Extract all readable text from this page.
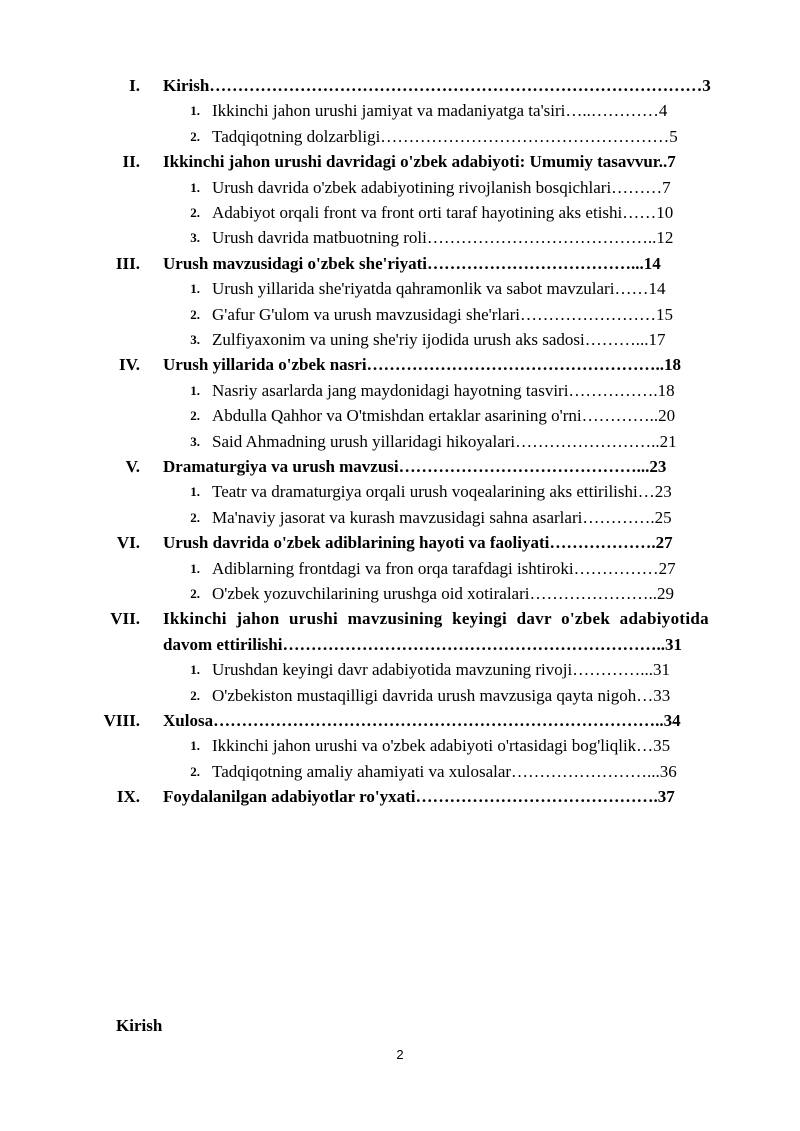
I. Kirish……………………………………………………………………………3
1. Ikkinchi jahon urushi jamiyat va madaniyatga ta'siri…..…………4
2. Tadqiqotning dolzarbligi……………………………………………5
II. Ikkinchi jahon urushi davridagi o'zbek adabiyoti: Umumiy tasavvur..7
1. Urush davrida o'zbek adabiyotining rivojlanish bosqichlari………7
2. Adabiyot orqali front va front orti taraf hayotining aks etishi……10
3. Urush davrida matbuotning roli…………………………………..12
III. Urush mavzusidagi o'zbek she'riyati………………………………...14
1. Urush yillarida she'riyatda qahramonlik va sabot mavzulari……14
2. G'afur G'ulom va urush mavzusidagi she'rlari……………………15
3. Zulfiyaxonim va uning she'riy ijodida urush aks sadosi………...17
IV. Urush yillarida o'zbek nasri……………………………………………..18
1. Nasriy asarlarda jang maydonidagi hayotning tasviri…………….18
2. Abdulla Qahhor va O'tmishdan ertaklar asarining o'rni…………..20
3. Said Ahmadning urush yillaridagi hikoyalari……………………..21
V. Dramaturgiya va urush mavzusi……………………………………...23
1. Teatr va dramaturgiya orqali urush voqealarining aks ettirilishi…23
2. Ma'naviy jasorat va kurash mavzusidagi sahna asarlari………….25
VI. Urush davrida o'zbek adiblarining hayoti va faoliyati……………….27
1. Adiblarning frontdagi va fron orqa tarafdagi ishtiroki……………27
2. O'zbek yozuvchilarining urushga oid xotiralari…………………..29
VII. Ikkinchi jahon urushi mavzusining keyingi davr o'zbek adabiyotida
davom ettirilishi…………………………………………………………..31
1. Urushdan keyingi davr adabiyotida mavzuning rivoji…………...31
2. O'zbekiston mustaqilligi davrida urush mavzusiga qayta nigoh…33
VIII. Xulosa……………………………………………………………………..34
1. Ikkinchi jahon urushi va o'zbek adabiyoti o'rtasidagi bog'liqlik…35
2. Tadqiqotning amaliy ahamiyati va xulosalar……………………...36
IX. Foydalanilgan adabiyotlar ro'yxati…………………………………….37
Kirish
2
